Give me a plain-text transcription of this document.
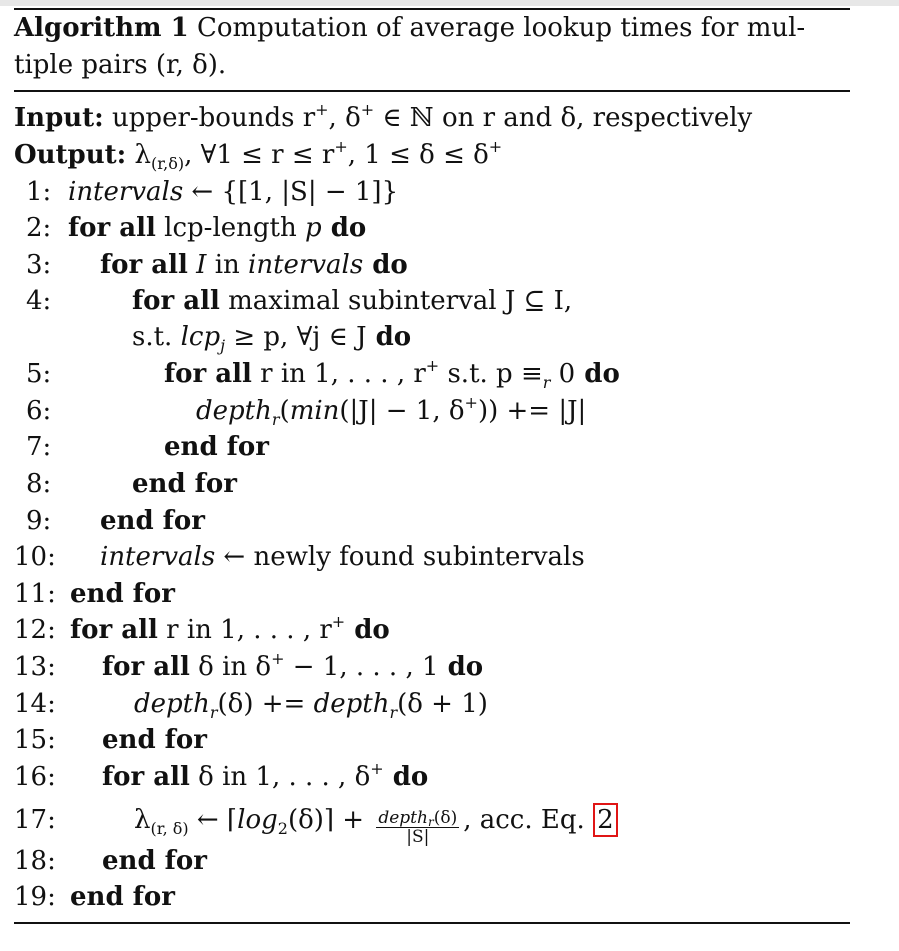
Algorithm 1 Computation of average lookup times for mul-
tiple pairs (r, δ).
Input: upper-bounds r+, δ+ ∈ ℕ on r and δ, respectively
Output: $\lambda_{(r,\delta)}$, ∀1 ≤ r ≤ r+, 1 ≤ δ ≤ δ+
1: intervals ← {[1, |S| − 1]}
2: for all lcp-length p do
3:	for all I in intervals do
4:	for all maximal subinterval J ⊆ I,
s.t. lcp$_j$ ≥ p, ∀j ∈ J do
5:	for all r in 1, . . . , r+ s.t. $p \equiv_r$ 0 do
6:	depth$_r$(min(|J| − 1, δ+)) += |J|
7:	end for
8:	end for
9:	end for
10:	intervals ← newly found subintervals
11: end for
12: for all r in 1, . . . , r+ do
13:	for all δ in δ+ − 1, . . . , 1 do
14:	depth$_r$(δ) += depth$_r$(δ + 1)
15:	end for
16:	for all δ in 1, . . . , δ+ do
17:	$\lambda_{(r, \delta)}$ ← $⌈\log_2(\delta)⌉ + \frac{depth_r(\delta)}{|S|}$ , acc. Eq. 2
18:	end for
19: end for
